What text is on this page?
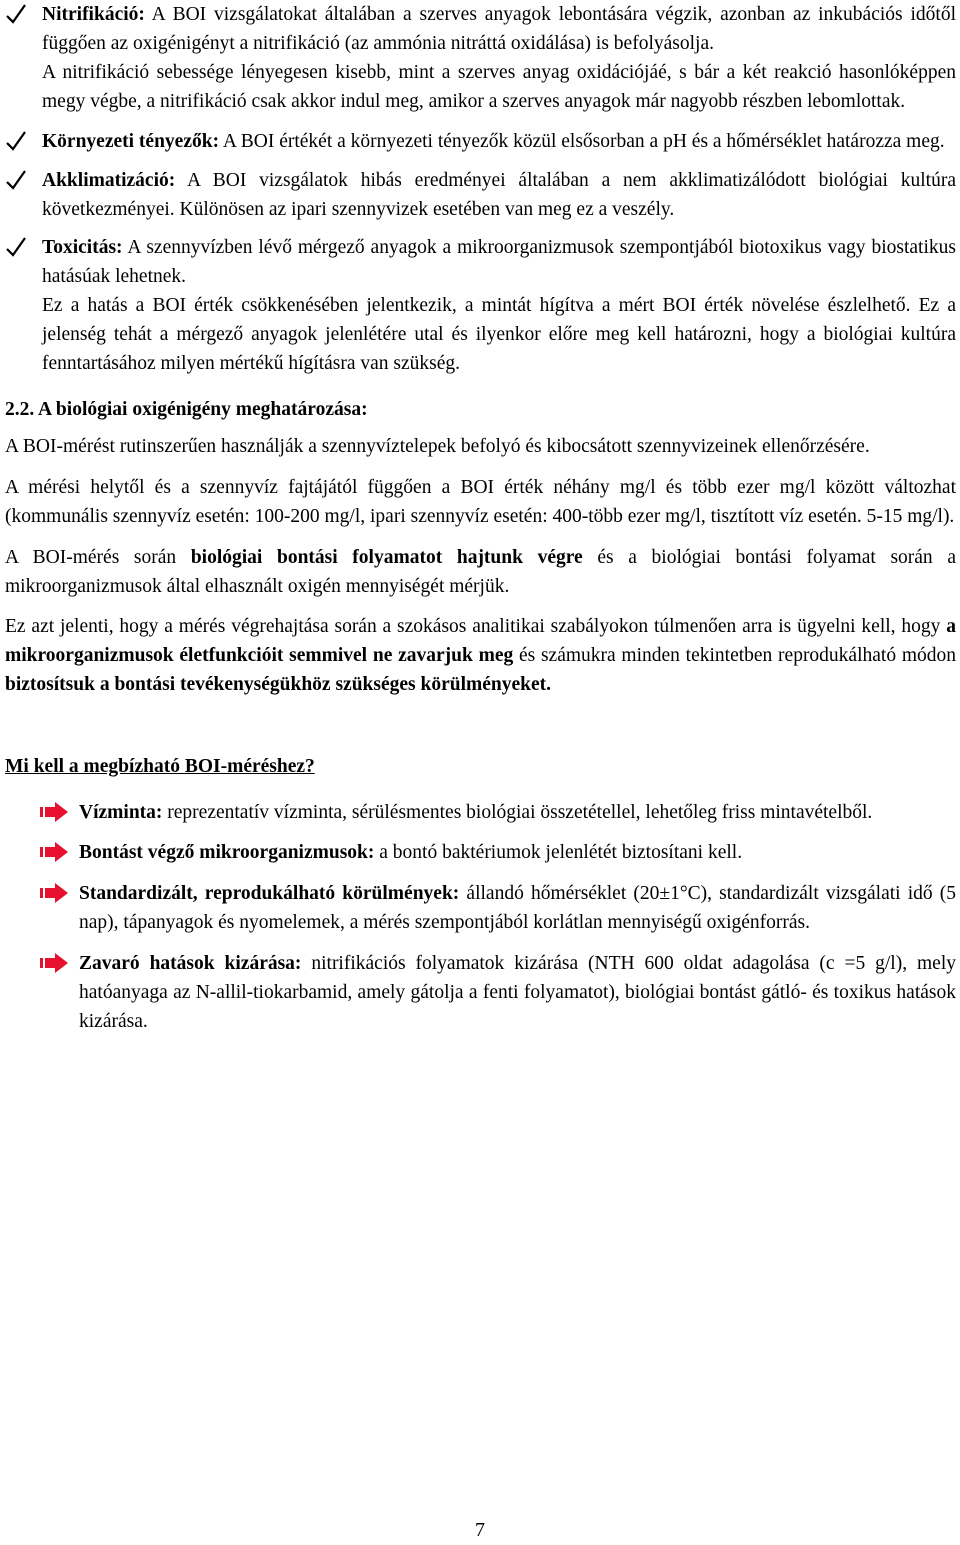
Nitrifikáció: A BOI vizsgálatokat általában a szerves anyagok lebontására végzik, azonban az inkubációs időtől függően az oxigénigényt a nitrifikáció (az ammónia nitráttá oxidálása) is befolyásolja.
A nitrifikáció sebessége lényegesen kisebb, mint a szerves anyag oxidációjáé, s bár a két reakció hasonlóképpen megy végbe, a nitrifikáció csak akkor indul meg, amikor a szerves anyagok már nagyobb részben lebomlottak.

Környezeti tényezők: A BOI értékét a környezeti tényezők közül elsősorban a pH és a hőmérséklet határozza meg.

Akklimatizáció: A BOI vizsgálatok hibás eredményei általában a nem akklimatizálódott biológiai kultúra következményei. Különösen az ipari szennyvizek esetében van meg ez a veszély.

Toxicitás: A szennyvízben lévő mérgező anyagok a mikroorganizmusok szempontjából biotoxikus vagy biostatikus hatásúak lehetnek.
Ez a hatás a BOI érték csökkenésében jelentkezik, a mintát hígítva a mért BOI érték növelése észlelhető. Ez a jelenség tehát a mérgező anyagok jelenlétére utal és ilyenkor előre meg kell határozni, hogy a biológiai kultúra fenntartásához milyen mértékű hígításra van szükség.

2.2. A biológiai oxigénigény meghatározása:

A BOI-mérést rutinszerűen használják a szennyvíztelepek befolyó és kibocsátott szennyvizeinek ellenőrzésére.

A mérési helytől és a szennyvíz fajtájától függően a BOI érték néhány mg/l és több ezer mg/l között változhat (kommunális szennyvíz esetén: 100-200 mg/l, ipari szennyvíz esetén: 400-több ezer mg/l, tisztított víz esetén. 5-15 mg/l).

A BOI-mérés során biológiai bontási folyamatot hajtunk végre és a biológiai bontási folyamat során a mikroorganizmusok által elhasznált oxigén mennyiségét mérjük.

Ez azt jelenti, hogy a mérés végrehajtása során a szokásos analitikai szabályokon túlmenően arra is ügyelni kell, hogy a mikroorganizmusok életfunkcióit semmivel ne zavarjuk meg és számukra minden tekintetben reprodukálható módon biztosítsuk a bontási tevékenységükhöz szükséges körülményeket.

Mi kell a megbízható BOI-méréshez?

Vízminta: reprezentatív vízminta, sérülésmentes biológiai összetétellel, lehetőleg friss mintavételből.

Bontást végző mikroorganizmusok: a bontó baktériumok jelenlétét biztosítani kell.

Standardizált, reprodukálható körülmények: állandó hőmérséklet (20±1°C), standardizált vizsgálati idő (5 nap), tápanyagok és nyomelemek, a mérés szempontjából korlátlan mennyiségű oxigénforrás.

Zavaró hatások kizárása: nitrifikációs folyamatok kizárása (NTH 600 oldat adagolása (c =5 g/l), mely hatóanyaga az N-allil-tiokarbamid, amely gátolja a fenti folyamatot), biológiai bontást gátló- és toxikus hatások kizárása.

7
